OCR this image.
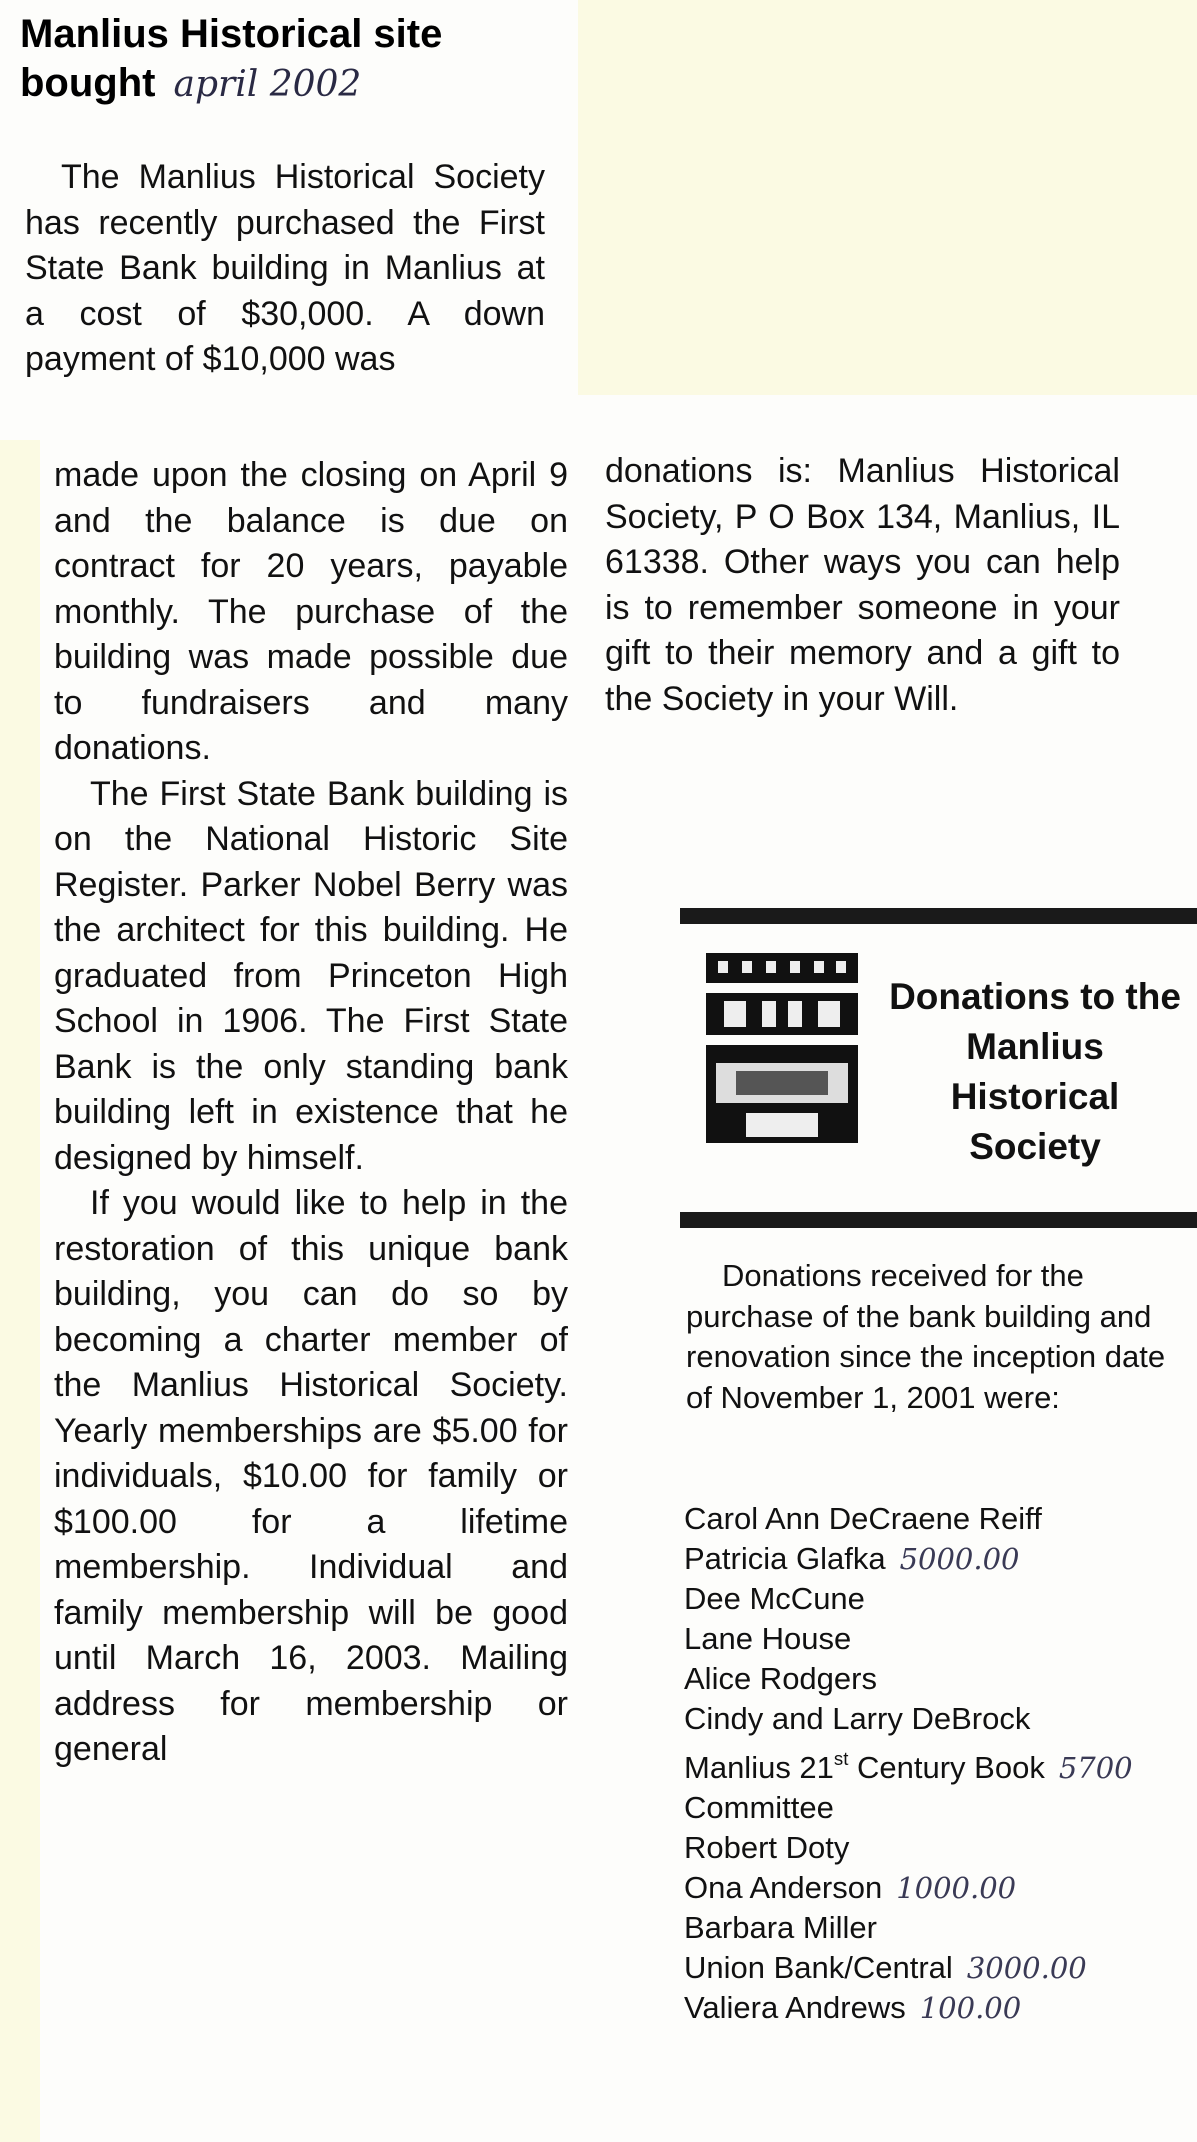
Manlius Historical site bought april 2002

The Manlius Historical Society has recently purchased the First State Bank building in Manlius at a cost of $30,000. A down payment of $10,000 was

made upon the closing on April 9 and the balance is due on contract for 20 years, payable monthly. The purchase of the building was made possible due to fundraisers and many donations.

The First State Bank building is on the National Historic Site Register. Parker Nobel Berry was the architect for this building. He graduated from Princeton High School in 1906. The First State Bank is the only standing bank building left in existence that he designed by himself.

If you would like to help in the restoration of this unique bank building, you can do so by becoming a charter member of the Manlius Historical Society. Yearly memberships are $5.00 for individuals, $10.00 for family or $100.00 for a lifetime membership. Individual and family membership will be good until March 16, 2003. Mailing address for membership or general

donations is: Manlius Historical Society, P O Box 134, Manlius, IL 61338. Other ways you can help is to remember someone in your gift to their memory and a gift to the Society in your Will.

Donations to the Manlius Historical Society

Donations received for the purchase of the bank building and renovation since the inception date of November 1, 2001 were:

Carol Ann DeCraene Reiff
Patricia Glafka 5000.00
Dee McCune
Lane House
Alice Rodgers
Cindy and Larry DeBrock
Manlius 21st Century Book 5700
Committee
Robert Doty
Ona Anderson 1000.00
Barbara Miller
Union Bank/Central 3000.00
Valiera Andrews 100.00
